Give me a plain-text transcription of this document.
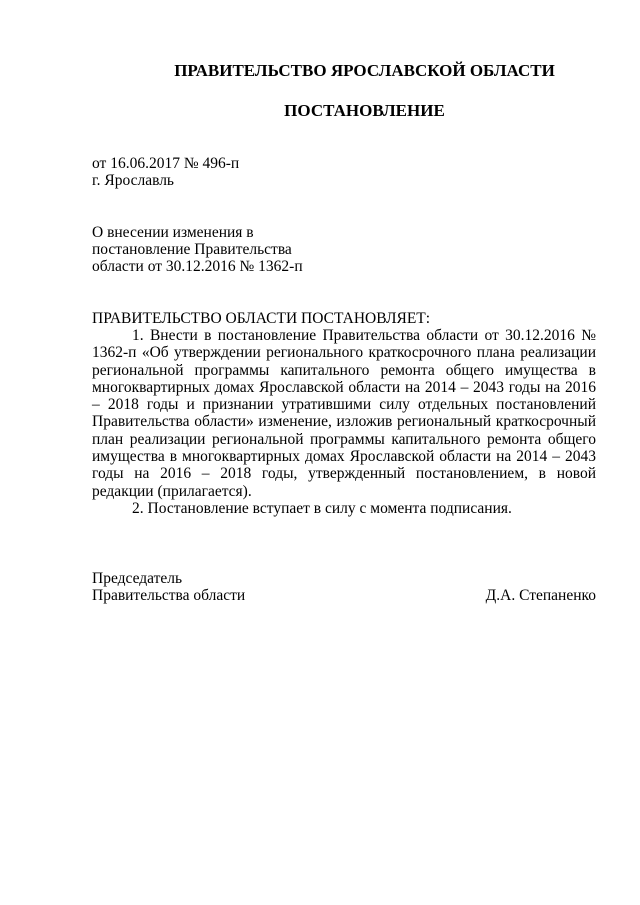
ПРАВИТЕЛЬСТВО ЯРОСЛАВСКОЙ ОБЛАСТИ
ПОСТАНОВЛЕНИЕ
от 16.06.2017 № 496-п
г. Ярославль
О внесении изменения в
постановление Правительства
области от 30.12.2016 № 1362-п
ПРАВИТЕЛЬСТВО ОБЛАСТИ ПОСТАНОВЛЯЕТ:

1. Внести в постановление Правительства области от 30.12.2016 № 1362-п «Об утверждении регионального краткосрочного плана реализации региональной программы капитального ремонта общего имущества в многоквартирных домах Ярославской области на 2014 – 2043 годы на 2016 – 2018 годы и признании утратившими силу отдельных постановлений Правительства области» изменение, изложив региональный краткосрочный план реализации региональной программы капитального ремонта общего имущества в многоквартирных домах Ярославской области на 2014 – 2043 годы на 2016 – 2018 годы, утвержденный постановлением, в новой редакции (прилагается).

2. Постановление вступает в силу с момента подписания.

Председатель
Правительства области	Д.А. Степаненко
